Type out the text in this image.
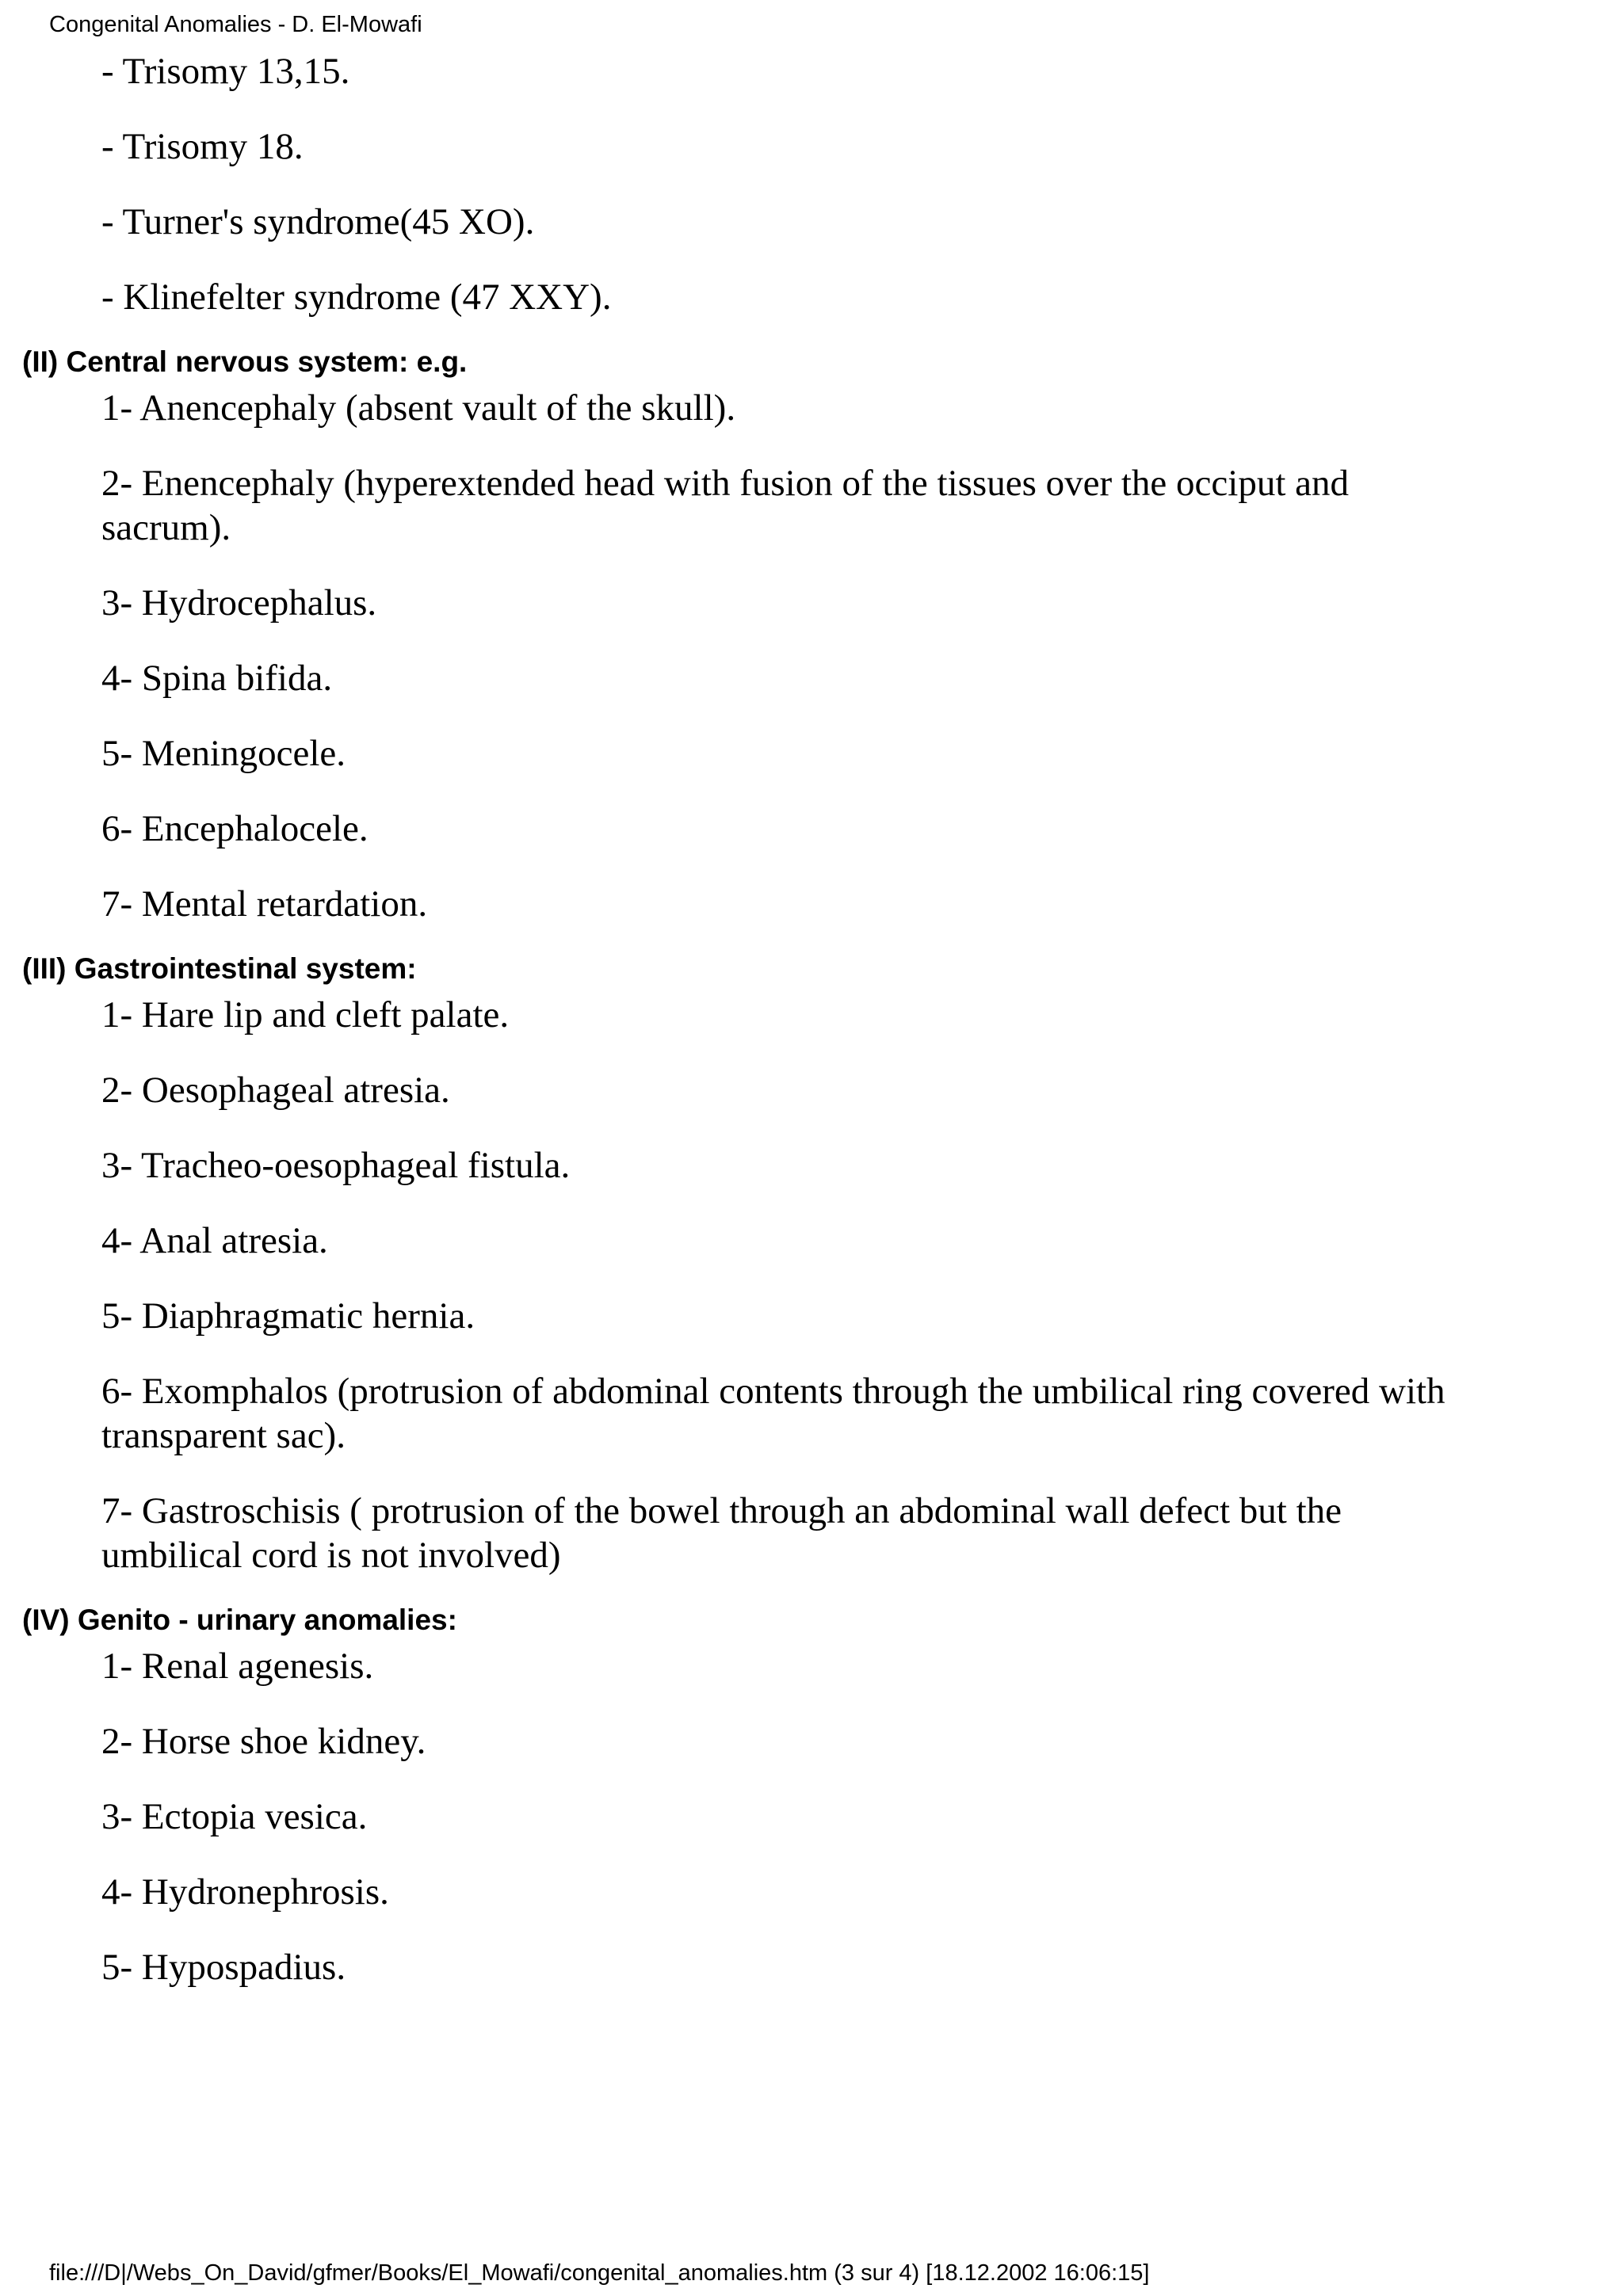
Congenital Anomalies - D. El-Mowafi
- Trisomy 13,15.
- Trisomy 18.
- Turner's syndrome(45 XO).
- Klinefelter syndrome (47 XXY).
(II) Central nervous system: e.g.
1- Anencephaly (absent vault of the skull).
2- Enencephaly (hyperextended head with fusion of the tissues over the occiput and sacrum).
3- Hydrocephalus.
4- Spina bifida.
5- Meningocele.
6- Encephalocele.
7- Mental retardation.
(III) Gastrointestinal system:
1- Hare lip and cleft palate.
2- Oesophageal atresia.
3- Tracheo-oesophageal fistula.
4- Anal atresia.
5- Diaphragmatic hernia.
6- Exomphalos (protrusion of abdominal contents through the umbilical ring covered with transparent sac).
7- Gastroschisis ( protrusion of the bowel through an abdominal wall defect but the umbilical cord is not involved)
(IV) Genito - urinary anomalies:
1- Renal agenesis.
2- Horse shoe kidney.
3- Ectopia vesica.
4- Hydronephrosis.
5- Hypospadius.
file:///D|/Webs_On_David/gfmer/Books/El_Mowafi/congenital_anomalies.htm (3 sur 4) [18.12.2002 16:06:15]
